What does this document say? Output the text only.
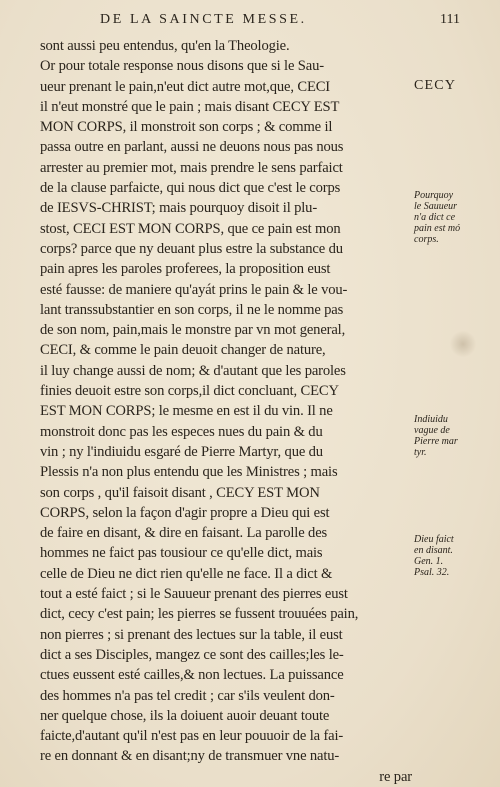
DE LA SAINCTE MESSE.	111
sont aussi peu entendus, qu'en la Theologie.
Or pour totale response nous disons que si le Sau-
ueur prenant le pain,n'eut dict autre mot,que, CECI
il n'eut monstré que le pain ; mais disant CECY EST
MON CORPS, il monstroit son corps ; & comme il
passa outre en parlant, aussi ne deuons nous pas nous
arrester au premier mot, mais prendre le sens parfaict
de la clause parfaicte, qui nous dict que c'est le corps
de IESVS-CHRIST; mais pourquoy disoit il plu-
stost, CECI EST MON CORPS, que ce pain est mon
corps? parce que ny deuant plus estre la substance du
pain apres les paroles proferees, la proposition eust
esté fausse: de maniere qu'ayát prins le pain & le vou-
lant transsubstantier en son corps, il ne le nomme pas
de son nom, pain,mais le monstre par vn mot general,
CECI, & comme le pain deuoit changer de nature,
il luy change aussi de nom; & d'autant que les paroles
finies deuoit estre son corps,il dict concluant, CECY
EST MON CORPS; le mesme en est il du vin. Il ne
monstroit donc pas les especes nues du pain & du
vin ; ny l'indiuidu esgaré de Pierre Martyr, que du
Plessis n'a non plus entendu que les Ministres ; mais
son corps , qu'il faisoit disant , CECY EST MON
CORPS, selon la façon d'agir propre a Dieu qui est
de faire en disant, & dire en faisant. La parolle des
hommes ne faict pas tousiour ce qu'elle dict, mais
celle de Dieu ne dict rien qu'elle ne face. Il a dict &
tout a esté faict ; si le Sauueur prenant des pierres eust
dict, cecy c'est pain; les pierres se fussent trouuées pain,
non pierres ; si prenant des lectues sur la table, il eust
dict a ses Disciples, mangez ce sont des cailles;les le-
ctues eussent esté cailles,& non lectues. La puissance
des hommes n'a pas tel credit ; car s'ils veulent don-
ner quelque chose, ils la doiuent auoir deuant toute
faicte,d'autant qu'il n'est pas en leur pouuoir de la fai-
re en donnant & en disant;ny de transmuer vne natu-
re par
CECY
Pourquoy
le Sauueur
n'a dict ce
pain est mó
corps.
Indiuidu
vague de
Pierre mar
tyr.
Dieu faict
en disant.
Gen. 1.
Psal. 32.
